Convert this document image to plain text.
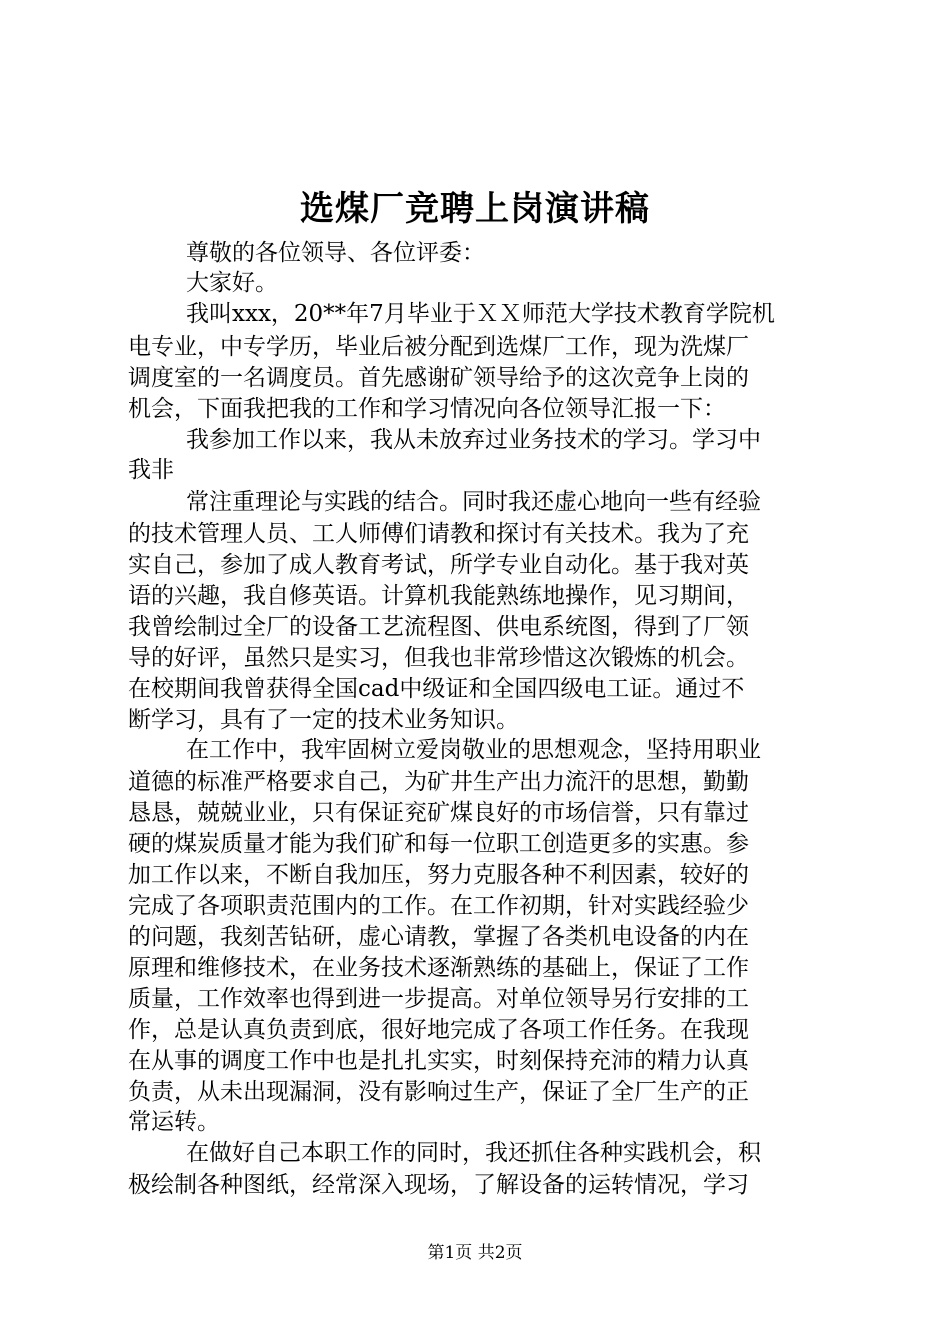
选煤厂竞聘上岗演讲稿
尊敬的各位领导、各位评委：
大家好。
我叫xxx，20**年7月毕业于ＸＸ师范大学技术教育学院机
电专业，中专学历，毕业后被分配到选煤厂工作，现为洗煤厂
调度室的一名调度员。首先感谢矿领导给予的这次竞争上岗的
机会，下面我把我的工作和学习情况向各位领导汇报一下：
我参加工作以来，我从未放弃过业务技术的学习。学习中
我非
常注重理论与实践的结合。同时我还虚心地向一些有经验
的技术管理人员、工人师傅们请教和探讨有关技术。我为了充
实自己，参加了成人教育考试，所学专业自动化。基于我对英
语的兴趣，我自修英语。计算机我能熟练地操作，见习期间，
我曾绘制过全厂的设备工艺流程图、供电系统图，得到了厂领
导的好评，虽然只是实习，但我也非常珍惜这次锻炼的机会。
在校期间我曾获得全国cad中级证和全国四级电工证。通过不
断学习，具有了一定的技术业务知识。
在工作中，我牢固树立爱岗敬业的思想观念，坚持用职业
道德的标准严格要求自己，为矿井生产出力流汗的思想，勤勤
恳恳，兢兢业业，只有保证兖矿煤良好的市场信誉，只有靠过
硬的煤炭质量才能为我们矿和每一位职工创造更多的实惠。参
加工作以来，不断自我加压，努力克服各种不利因素，较好的
完成了各项职责范围内的工作。在工作初期，针对实践经验少
的问题，我刻苦钻研，虚心请教，掌握了各类机电设备的内在
原理和维修技术，在业务技术逐渐熟练的基础上，保证了工作
质量，工作效率也得到进一步提高。对单位领导另行安排的工
作，总是认真负责到底，很好地完成了各项工作任务。在我现
在从事的调度工作中也是扎扎实实，时刻保持充沛的精力认真
负责，从未出现漏洞，没有影响过生产，保证了全厂生产的正
常运转。
在做好自己本职工作的同时，我还抓住各种实践机会，积
极绘制各种图纸，经常深入现场，了解设备的运转情况，学习
第1页 共2页
